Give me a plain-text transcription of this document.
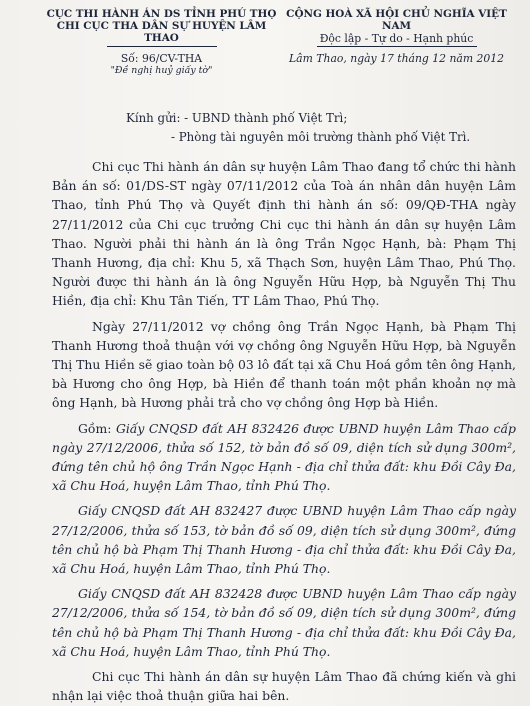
CỤC THI HÀNH ÁN DS TỈNH PHÚ THỌ
CHI CỤC THA DÂN SỰ HUYỆN LÂM THAO
Số: 96/CV-THA
"Đề nghị huỷ giấy tờ"
CỘNG HOÀ XÃ HỘI CHỦ NGHĨA VIỆT NAM
Độc lập - Tự do - Hạnh phúc
Lâm Thao, ngày 17 tháng 12 năm 2012
Kính gửi: - UBND thành phố Việt Trì;
- Phòng tài nguyên môi trường thành phố Việt Trì.

Chi cục Thi hành án dân sự huyện Lâm Thao đang tổ chức thi hành Bản án số: 01/DS-ST ngày 07/11/2012 của Toà án nhân dân huyện Lâm Thao, tỉnh Phú Thọ và Quyết định thi hành án số: 09/QĐ-THA ngày 27/11/2012 của Chi cục trưởng Chi cục thi hành án dân sự huyện Lâm Thao. Người phải thi hành án là ông Trần Ngọc Hạnh, bà: Phạm Thị Thanh Hương, địa chỉ: Khu 5, xã Thạch Sơn, huyện Lâm Thao, Phú Thọ. Người được thi hành án là ông Nguyễn Hữu Hợp, bà Nguyễn Thị Thu Hiền, địa chỉ: Khu Tân Tiến, TT Lâm Thao, Phú Thọ.

Ngày 27/11/2012 vợ chồng ông Trần Ngọc Hạnh, bà Phạm Thị Thanh Hương thoả thuận với vợ chồng ông Nguyễn Hữu Hợp, bà Nguyễn Thị Thu Hiền sẽ giao toàn bộ 03 lô đất tại xã Chu Hoá gồm tên ông Hạnh, bà Hương cho ông Hợp, bà Hiền để thanh toán một phần khoản nợ mà ông Hạnh, bà Hương phải trả cho vợ chồng ông Hợp bà Hiền.

Gồm: Giấy CNQSD đất AH 832426 được UBND huyện Lâm Thao cấp ngày 27/12/2006, thửa số 152, tờ bản đồ số 09, diện tích sử dụng 300m², đứng tên chủ hộ ông Trần Ngọc Hạnh - địa chỉ thửa đất: khu Đồi Cây Đa, xã Chu Hoá, huyện Lâm Thao, tỉnh Phú Thọ.

Giấy CNQSD đất AH 832427 được UBND huyện Lâm Thao cấp ngày 27/12/2006, thửa số 153, tờ bản đồ số 09, diện tích sử dụng 300m², đứng tên chủ hộ bà Phạm Thị Thanh Hương - địa chỉ thửa đất: khu Đồi Cây Đa, xã Chu Hoá, huyện Lâm Thao, tỉnh Phú Thọ.

Giấy CNQSD đất AH 832428 được UBND huyện Lâm Thao cấp ngày 27/12/2006, thửa số 154, tờ bản đồ số 09, diện tích sử dụng 300m², đứng tên chủ hộ bà Phạm Thị Thanh Hương - địa chỉ thửa đất: khu Đồi Cây Đa, xã Chu Hoá, huyện Lâm Thao, tỉnh Phú Thọ.

Chi cục Thi hành án dân sự huyện Lâm Thao đã chứng kiến và ghi nhận lại việc thoả thuận giữa hai bên.
